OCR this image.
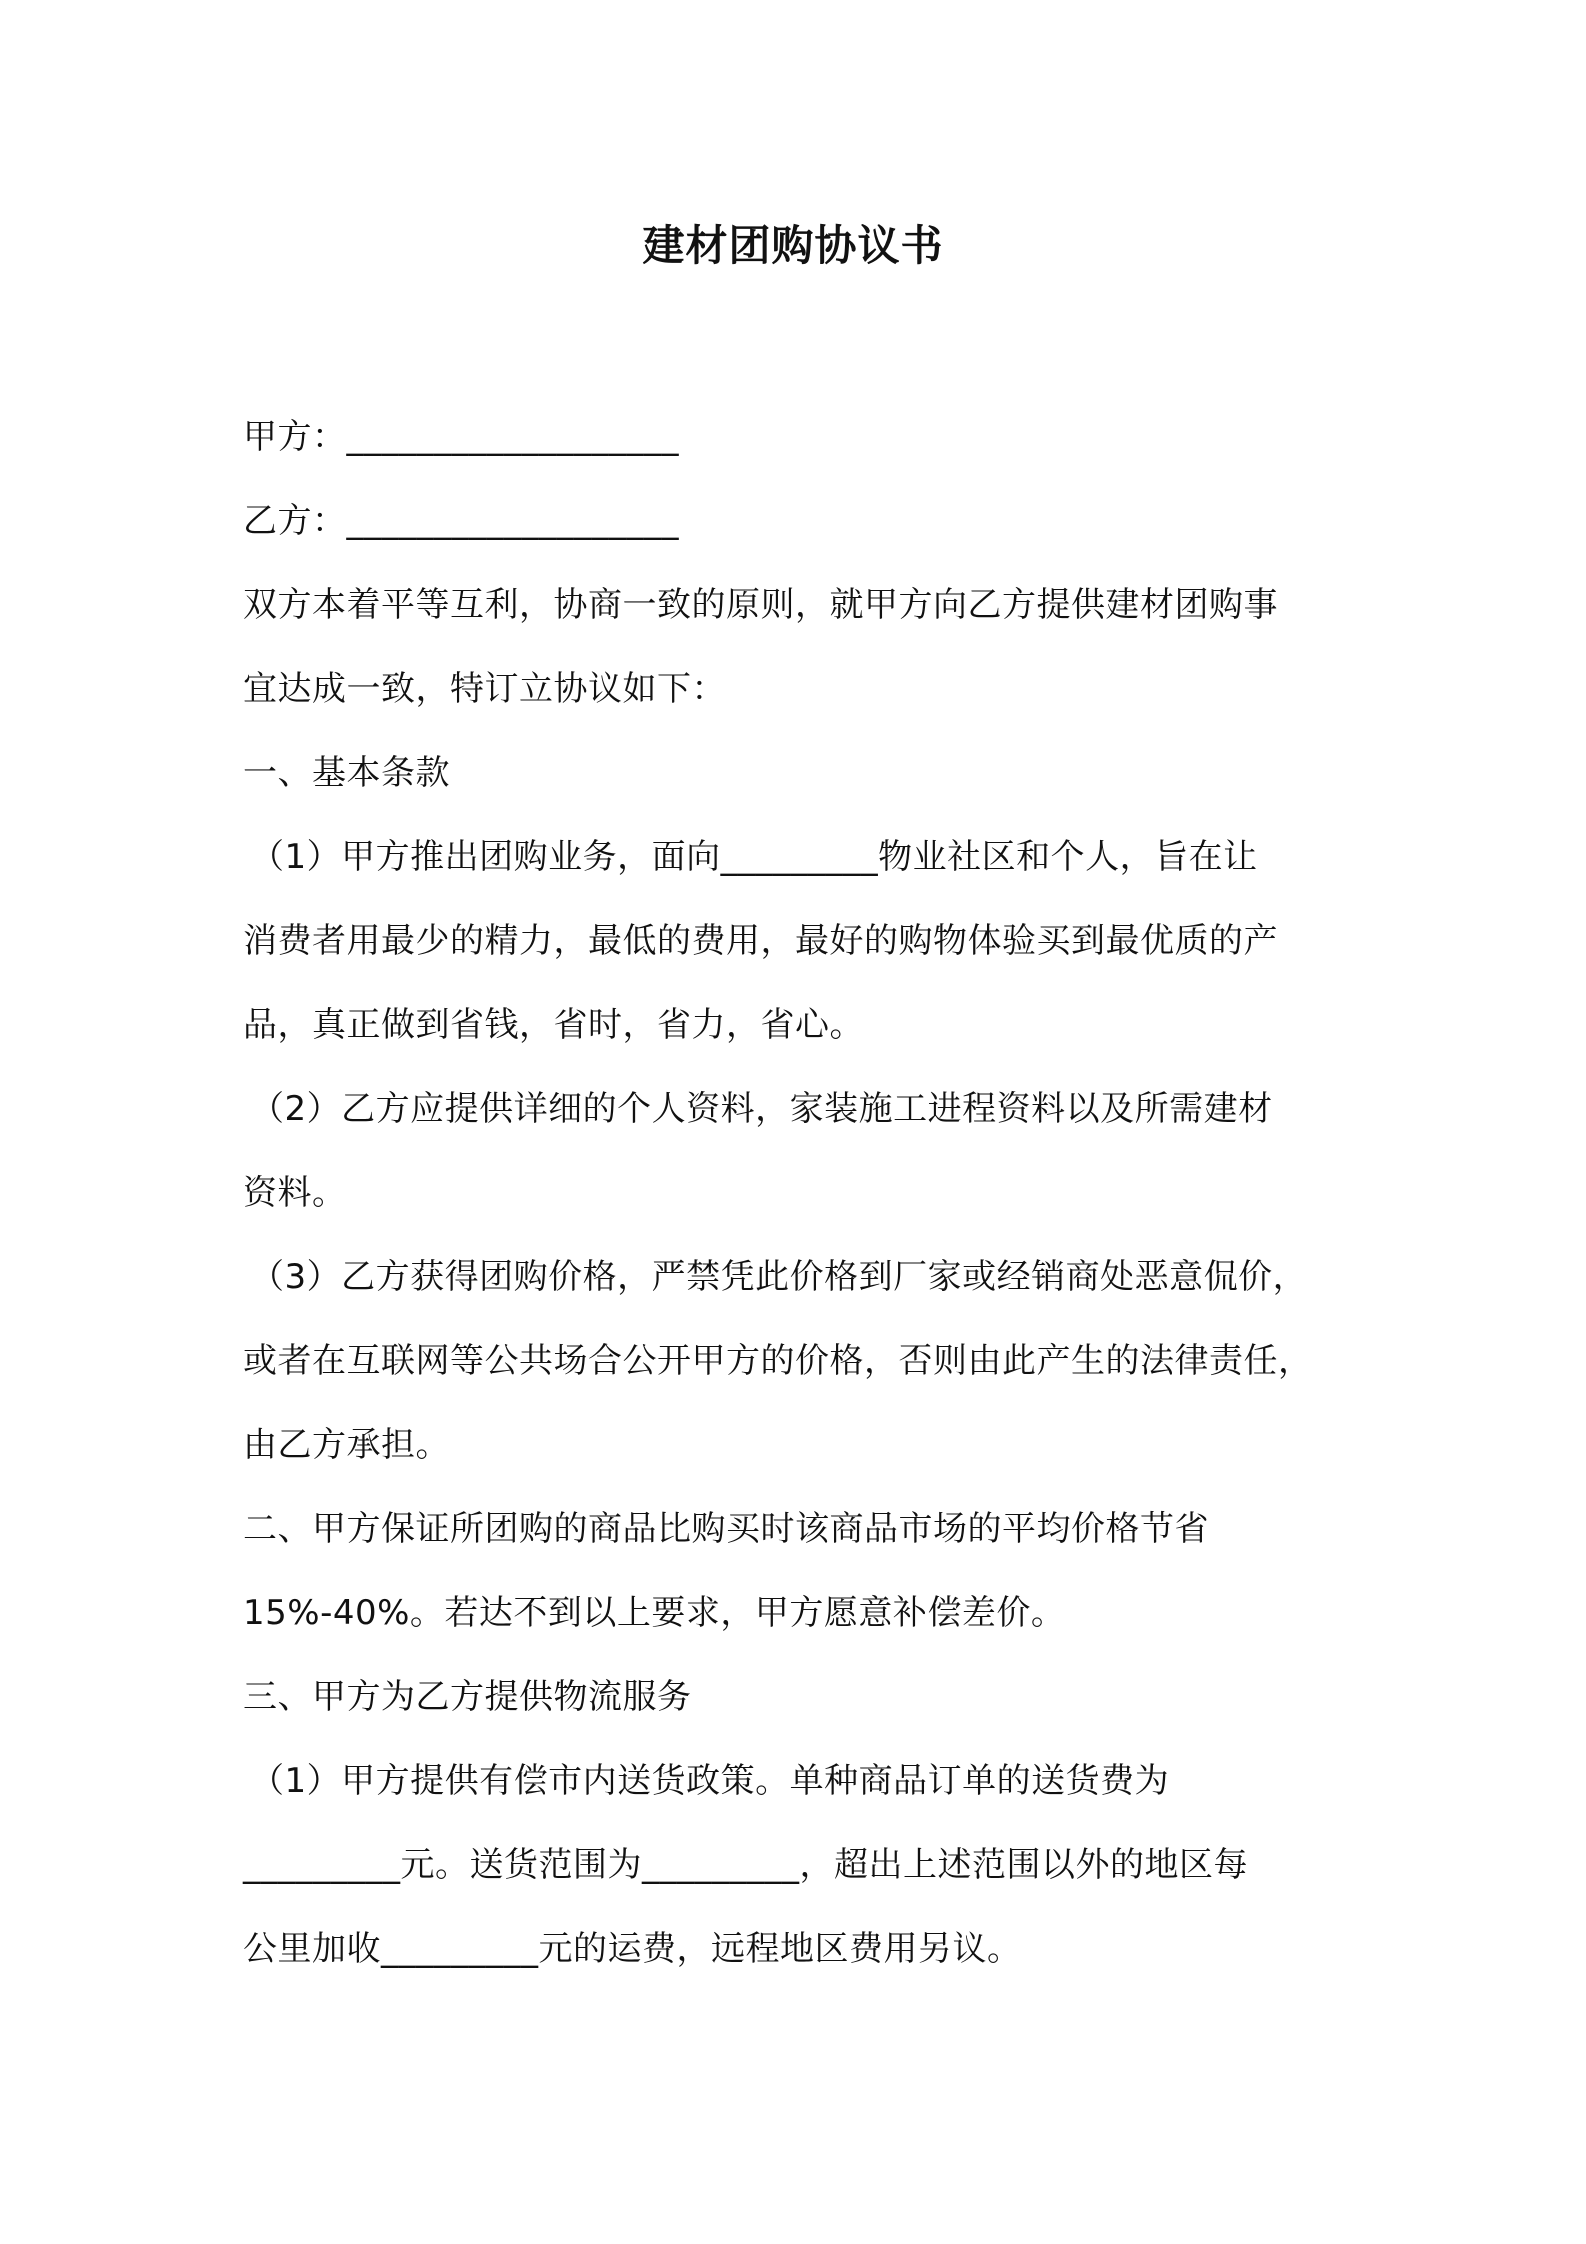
建材团购协议书
甲方：___________________
乙方：___________________
双方本着平等互利，协商一致的原则，就甲方向乙方提供建材团购事
宜达成一致，特订立协议如下：
一、基本条款
（1）甲方推出团购业务，面向_________物业社区和个人，旨在让
消费者用最少的精力，最低的费用，最好的购物体验买到最优质的产
品，真正做到省钱，省时，省力，省心。
（2）乙方应提供详细的个人资料，家装施工进程资料以及所需建材
资料。
（3）乙方获得团购价格，严禁凭此价格到厂家或经销商处恶意侃价，
或者在互联网等公共场合公开甲方的价格，否则由此产生的法律责任，
由乙方承担。
二、甲方保证所团购的商品比购买时该商品市场的平均价格节省
15%-40%。若达不到以上要求，甲方愿意补偿差价。
三、甲方为乙方提供物流服务
（1）甲方提供有偿市内送货政策。单种商品订单的送货费为
_________元。送货范围为_________，超出上述范围以外的地区每
公里加收_________元的运费，远程地区费用另议。
